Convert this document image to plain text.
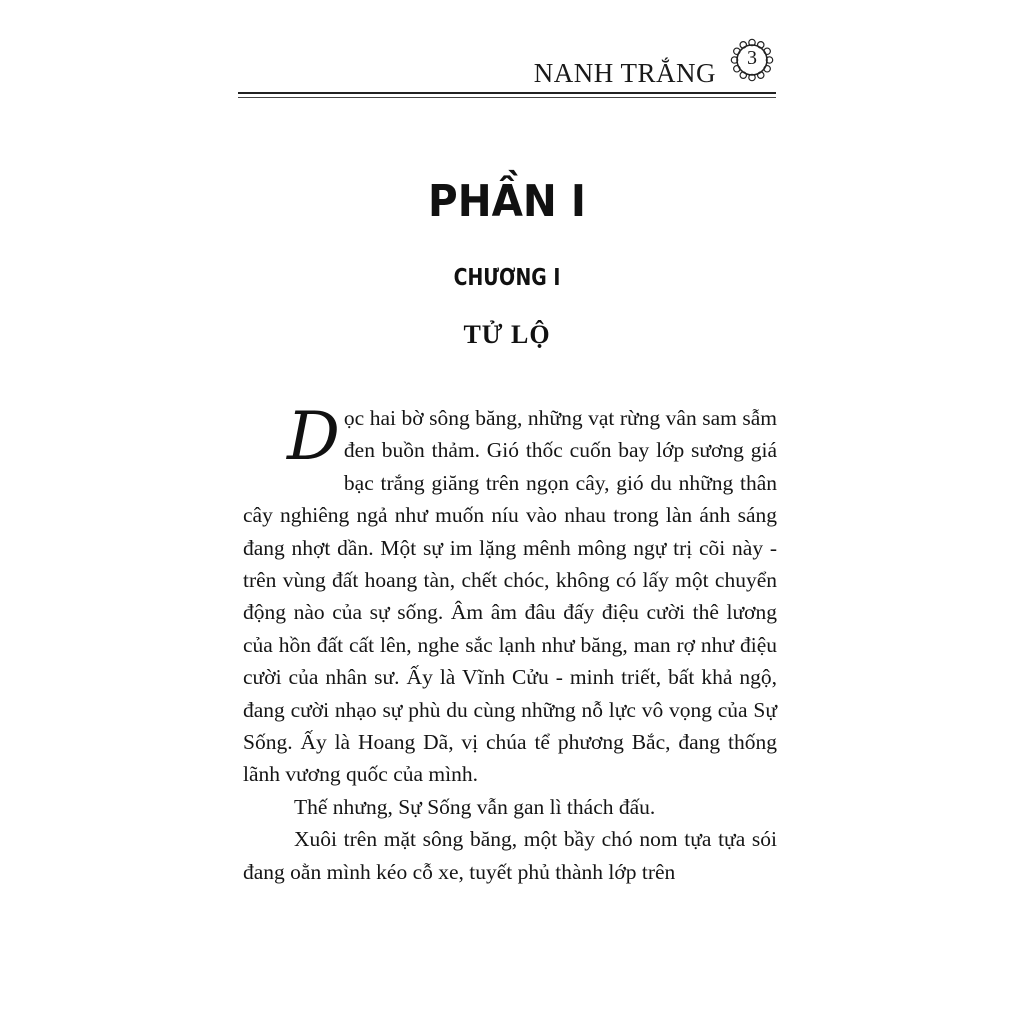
NANH TRẮNG	3
PHẦN I
CHƯƠNG I
TỬ LỘ

Dọc hai bờ sông băng, những vạt rừng vân sam sẫm đen buồn thảm. Gió thốc cuốn bay lớp sương giá bạc trắng giăng trên ngọn cây, gió du những thân cây nghiêng ngả như muốn níu vào nhau trong làn ánh sáng đang nhợt dần. Một sự im lặng mênh mông ngự trị cõi này - trên vùng đất hoang tàn, chết chóc, không có lấy một chuyển động nào của sự sống. Âm âm đâu đấy điệu cười thê lương của hồn đất cất lên, nghe sắc lạnh như băng, man rợ như điệu cười của nhân sư. Ấy là Vĩnh Cửu - minh triết, bất khả ngộ, đang cười nhạo sự phù du cùng những nỗ lực vô vọng của Sự Sống. Ấy là Hoang Dã, vị chúa tể phương Bắc, đang thống lãnh vương quốc của mình.

Thế nhưng, Sự Sống vẫn gan lì thách đấu.

Xuôi trên mặt sông băng, một bầy chó nom tựa tựa sói đang oằn mình kéo cỗ xe, tuyết phủ thành lớp trên
